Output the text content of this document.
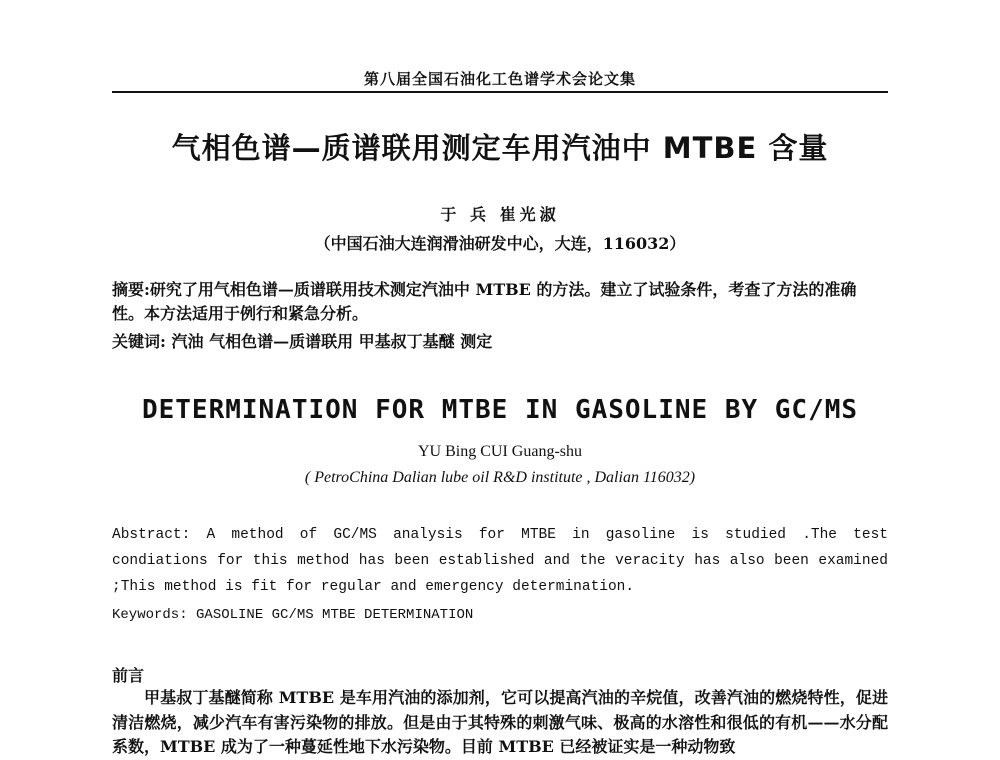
第八届全国石油化工色谱学术会论文集
气相色谱—质谱联用测定车用汽油中 MTBE 含量
于 兵 崔光淑
（中国石油大连润滑油研发中心，大连，116032）
摘要:研究了用气相色谱—质谱联用技术测定汽油中 MTBE 的方法。建立了试验条件，考查了方法的准确性。本方法适用于例行和紧急分析。
关键词: 汽油 气相色谱—质谱联用 甲基叔丁基醚 测定
DETERMINATION FOR MTBE IN GASOLINE BY GC/MS
YU Bing CUI Guang-shu
( PetroChina Dalian lube oil R&D institute , Dalian 116032)
Abstract: A method of GC/MS analysis for MTBE in gasoline is studied .The test condiations for this method has been established and the veracity has also been examined ;This method is fit for regular and emergency determination.
Keywords: GASOLINE GC/MS MTBE DETERMINATION
前言
甲基叔丁基醚简称 MTBE 是车用汽油的添加剂，它可以提高汽油的辛烷值，改善汽油的燃烧特性，促进清洁燃烧，减少汽车有害污染物的排放。但是由于其特殊的刺激气味、极高的水溶性和很低的有机——水分配系数，MTBE 成为了一种蔓延性地下水污染物。目前 MTBE 已经被证实是一种动物致
